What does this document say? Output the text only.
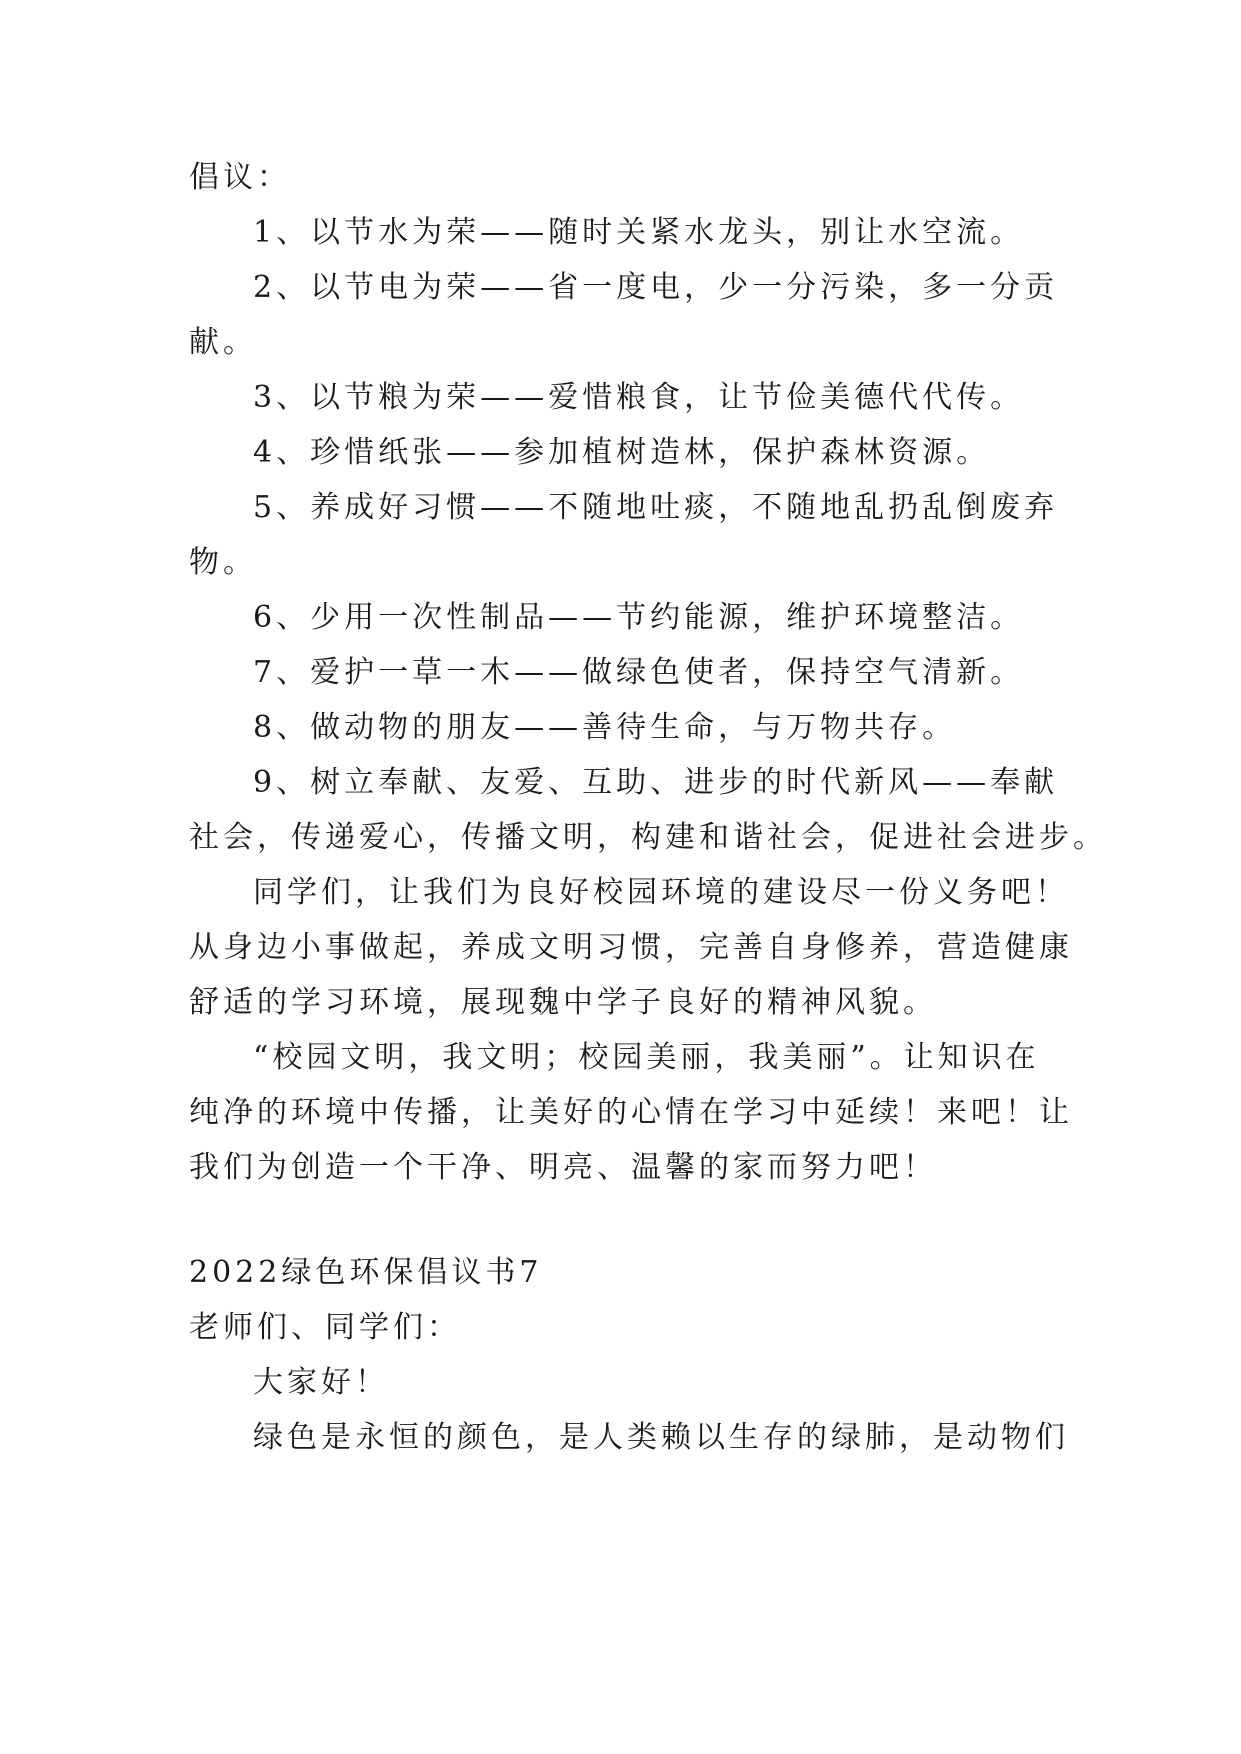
倡议：
1、以节水为荣——随时关紧水龙头，别让水空流。
2、以节电为荣——省一度电，少一分污染，多一分贡
献。
3、以节粮为荣——爱惜粮食，让节俭美德代代传。
4、珍惜纸张——参加植树造林，保护森林资源。
5、养成好习惯——不随地吐痰，不随地乱扔乱倒废弃
物。
6、少用一次性制品——节约能源，维护环境整洁。
7、爱护一草一木——做绿色使者，保持空气清新。
8、做动物的朋友——善待生命，与万物共存。
9、树立奉献、友爱、互助、进步的时代新风——奉献
社会，传递爱心，传播文明，构建和谐社会，促进社会进步。
同学们，让我们为良好校园环境的建设尽一份义务吧！
从身边小事做起，养成文明习惯，完善自身修养，营造健康
舒适的学习环境，展现魏中学子良好的精神风貌。
“校园文明，我文明；校园美丽，我美丽”。让知识在
纯净的环境中传播，让美好的心情在学习中延续！来吧！让
我们为创造一个干净、明亮、温馨的家而努力吧！
2022绿色环保倡议书7
老师们、同学们：
大家好！
绿色是永恒的颜色，是人类赖以生存的绿肺，是动物们
